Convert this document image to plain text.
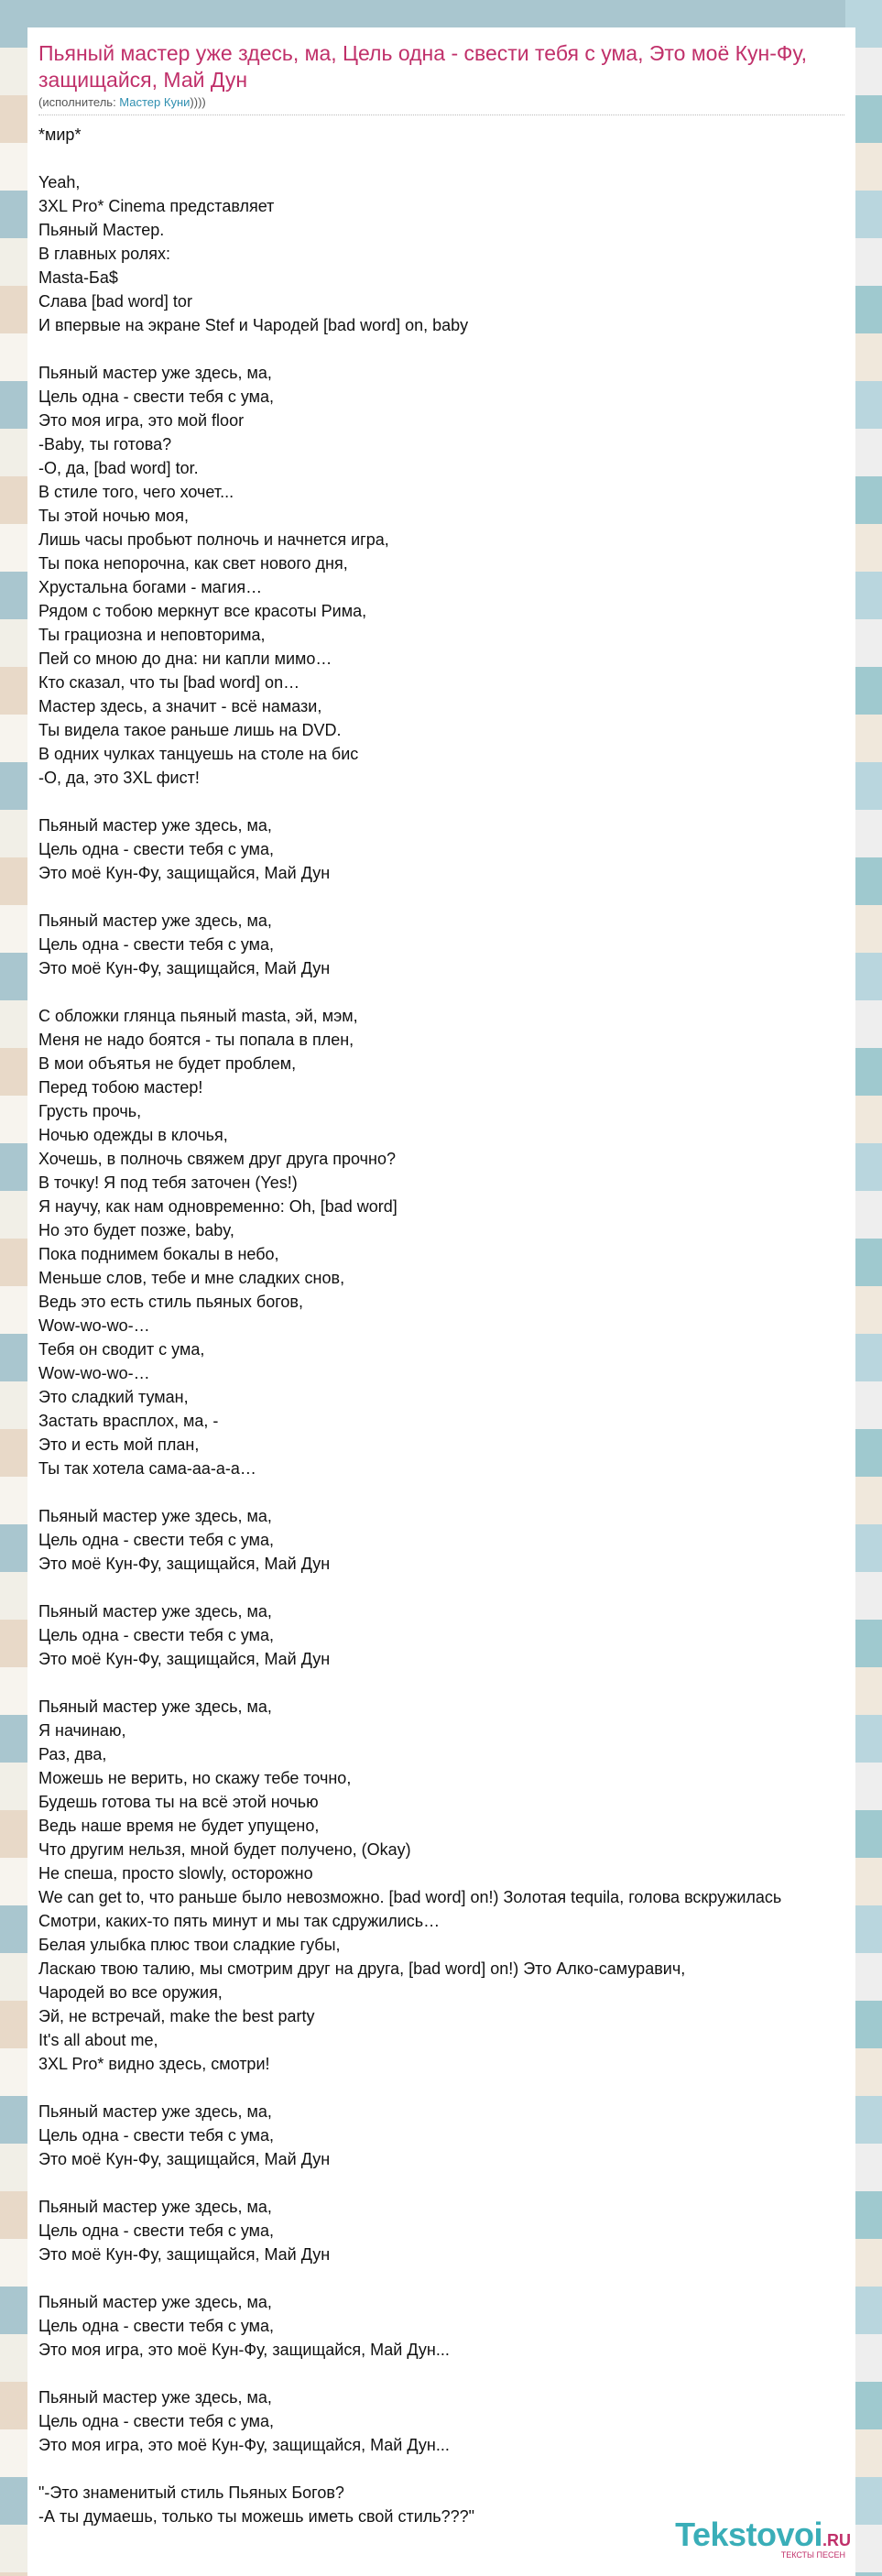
Пьяный мастер уже здесь, ма, Цель одна - свести тебя с ума, Это моё Кун-Фу, защищайся, Май Дун
(исполнитель: Мастер Куни))))
*мир*

Yeah,
3XL Pro* Cinema представляет
Пьяный Мастер.
В главных ролях:
Masta-Ба$
Слава [bad word] tor
И впервые на экране Stef и Чародей [bad word] on, baby

Пьяный мастер уже здесь, ма,
Цель одна - свести тебя с ума,
Это моя игра, это мой floor
-Baby, ты готова?
-О, да, [bad word] tor.
В стиле того, чего хочет...
Ты этой ночью моя,
Лишь часы пробьют полночь и начнется игра,
Ты пока непорочна, как свет нового дня,
Хрустальна богами - магия…
Рядом с тобою меркнут все красоты Рима,
Ты грациозна и неповторима,
Пей со мною до дна: ни капли мимо…
Кто сказал, что ты [bad word] on…
Мастер здесь, а значит - всё намази,
Ты видела такое раньше лишь на DVD.
В одних чулках танцуешь на столе на бис
-О, да, это 3XL фист!

Пьяный мастер уже здесь, ма,
Цель одна - свести тебя с ума,
Это моё Кун-Фу, защищайся, Май Дун

Пьяный мастер уже здесь, ма,
Цель одна - свести тебя с ума,
Это моё Кун-Фу, защищайся, Май Дун

С обложки глянца пьяный masta, эй, мэм,
Меня не надо боятся - ты попала в плен,
В мои объятья не будет проблем,
Перед тобою мастер!
Грусть прочь,
Ночью одежды в клочья,
Хочешь, в полночь свяжем друг друга прочно?
В точку! Я под тебя заточен (Yes!)
Я научу, как нам одновременно: Oh, [bad word]
Но это будет позже, baby,
Пока поднимем бокалы в небо,
Меньше слов, тебе и мне сладких снов,
Ведь это есть стиль пьяных богов,
Wow-wo-wo-…
Тебя он сводит с ума,
Wow-wo-wo-…
Это сладкий туман,
Застать врасплох, ма, -
Это и есть мой план,
Ты так хотела сама-аа-а-а…

Пьяный мастер уже здесь, ма,
Цель одна - свести тебя с ума,
Это моё Кун-Фу, защищайся, Май Дун

Пьяный мастер уже здесь, ма,
Цель одна - свести тебя с ума,
Это моё Кун-Фу, защищайся, Май Дун

Пьяный мастер уже здесь, ма,
Я начинаю,
Раз, два,
Можешь не верить, но скажу тебе точно,
Будешь готова ты на всё этой ночью
Ведь наше время не будет упущено,
Что другим нельзя, мной будет получено, (Okay)
Не спеша, просто slowly, осторожно
We can get to, что раньше было невозможно. [bad word] on!) Золотая tequila, голова вскружилась
Смотри, каких-то пять минут и мы так сдружились…
Белая улыбка плюс твои сладкие губы,
Ласкаю твою талию, мы смотрим друг на друга, [bad word] on!) Это Алко-самуравич,
Чародей во все оружия,
Эй, не встречай, make the best party
It's all about me,
3XL Pro* видно здесь, смотри!

Пьяный мастер уже здесь, ма,
Цель одна - свести тебя с ума,
Это моё Кун-Фу, защищайся, Май Дун

Пьяный мастер уже здесь, ма,
Цель одна - свести тебя с ума,
Это моё Кун-Фу, защищайся, Май Дун

Пьяный мастер уже здесь, ма,
Цель одна - свести тебя с ума,
Это моя игра, это моё Кун-Фу, защищайся, Май Дун...

Пьяный мастер уже здесь, ма,
Цель одна - свести тебя с ума,
Это моя игра, это моё Кун-Фу, защищайся, Май Дун...

"-Это знаменитый стиль Пьяных Богов?
-А ты думаешь, только ты можешь иметь свой стиль???"	Tekstovoi.RU
ТЕКСТЫ ПЕСЕН
